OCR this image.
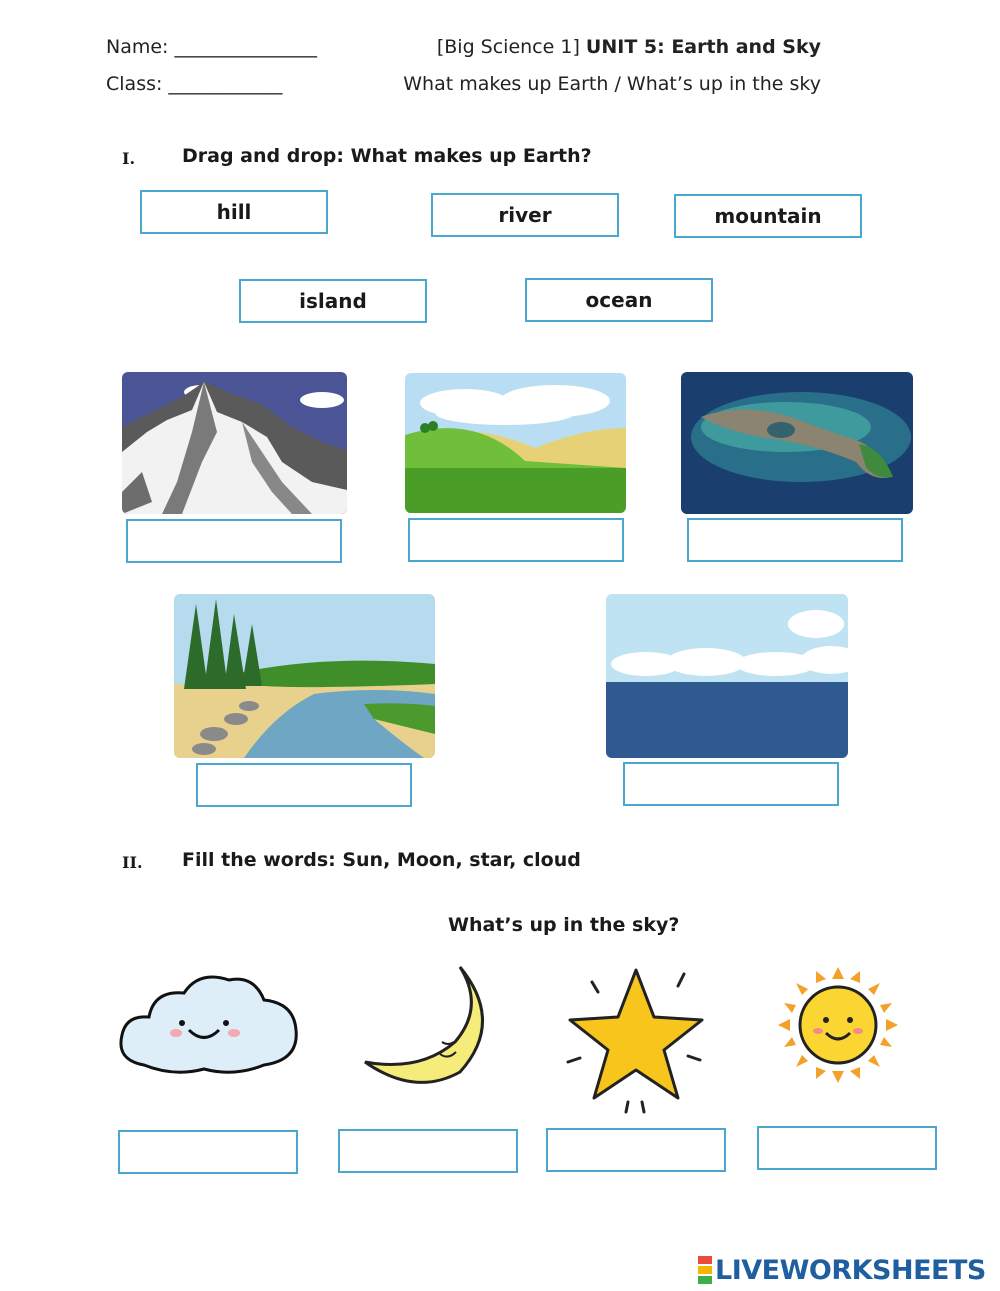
Name: _______________
Class: ____________
[Big Science 1] UNIT 5: Earth and Sky
What makes up Earth / What’s up in the sky
I. Drag and drop: What makes up Earth?
hill	river	mountain
island	ocean
II. Fill the words: Sun, Moon, star, cloud
What’s up in the sky?
LIVEWORKSHEETS
